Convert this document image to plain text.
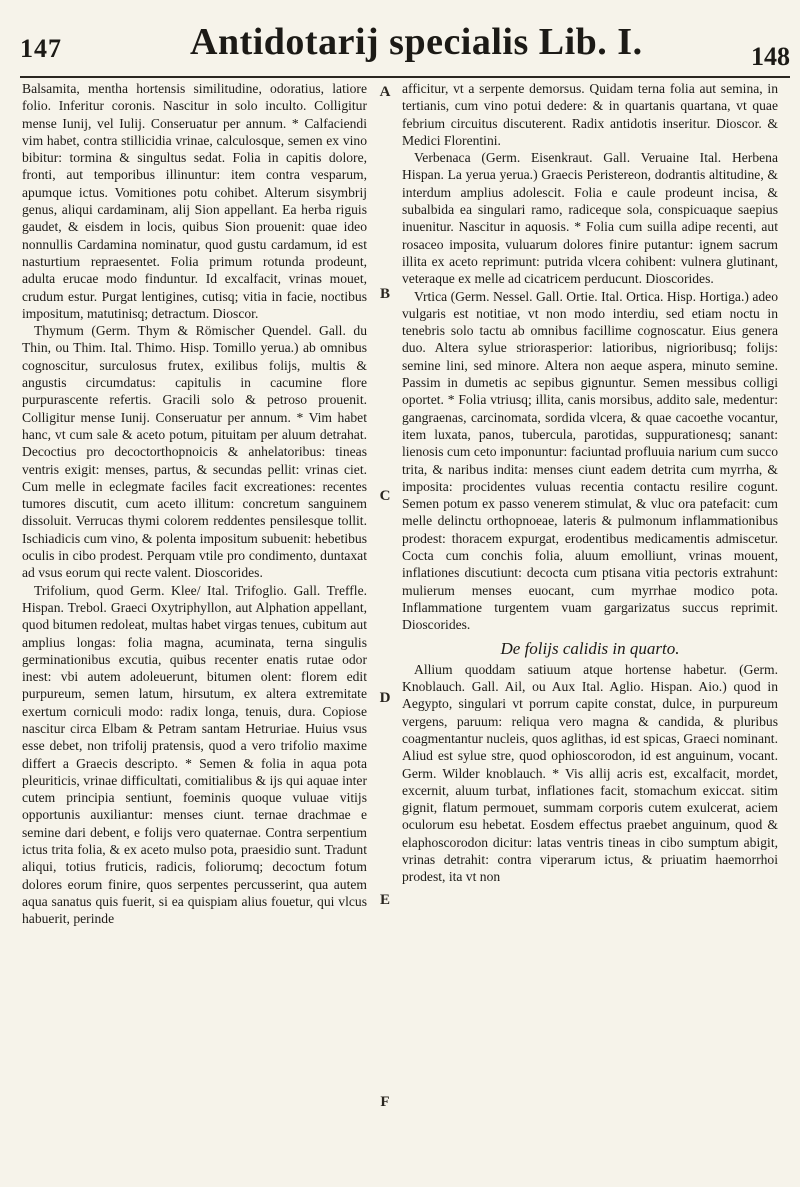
147	Antidotarij specialis Lib. I.	148

Balsamita, mentha hortensis similitudine, odoratius, latiore folio. Inferitur coronis. Nascitur in solo inculto. Colligitur mense Iunij, vel Iulij. Conseruatur per annum. * Calfaciendi vim habet, contra stillicidia vrinae, calculosque, semen ex vino bibitur: tormina & singultus sedat. Folia in capitis dolore, fronti, aut temporibus illinuntur: item contra vesparum, apumque ictus. Vomitiones potu cohibet. Alterum sisymbrij genus, aliqui cardaminam, alij Sion appellant. Ea herba riguis gaudet, & eisdem in locis, quibus Sion prouenit: quae ideo nonnullis Cardamina nominatur, quod gustu cardamum, id est nasturtium repraesentet. Folia primum rotunda prodeunt, adulta erucae modo finduntur. Id excalfacit, vrinas mouet, crudum estur. Purgat lentigines, cutisq; vitia in facie, noctibus impositum, matutinisq; detractum. Dioscor.

Thymum (Germ. Thym & Römischer Quendel. Gall. du Thin, ou Thim. Ital. Thimo. Hisp. Tomillo yerua.) ab omnibus cognoscitur, surculosus frutex, exilibus folijs, multis & angustis circumdatus: capitulis in cacumine flore purpurascente refertis. Gracili solo & petroso prouenit. Colligitur mense Iunij. Conseruatur per annum. * Vim habet hanc, vt cum sale & aceto potum, pituitam per aluum detrahat. Decoctius pro decoctorthopnoicis & anhelatoribus: tineas ventris exigit: menses, partus, & secundas pellit: vrinas ciet. Cum melle in eclegmate faciles facit excreationes: recentes tumores discutit, cum aceto illitum: concretum sanguinem dissoluit. Verrucas thymi colorem reddentes pensilesque tollit. Ischiadicis cum vino, & polenta impositum subuenit: hebetibus oculis in cibo prodest. Perquam vtile pro condimento, duntaxat ad vsus eorum qui recte valent. Dioscorides.

Trifolium, quod Germ. Klee/ Ital. Trifoglio. Gall. Treffle. Hispan. Trebol. Graeci Oxytriphyllon, aut Alphation appellant, quod bitumen redoleat, multas habet virgas tenues, cubitum aut amplius longas: folia magna, acuminata, terna singulis germinationibus excutia, quibus recenter enatis rutae odor inest: vbi autem adoleuerunt, bitumen olent: florem edit purpureum, semen latum, hirsutum, ex altera extremitate exertum corniculi modo: radix longa, tenuis, dura. Copiose nascitur circa Elbam & Petram santam Hetruriae. Huius vsus esse debet, non trifolij pratensis, quod a vero trifolio maxime differt a Graecis descripto. * Semen & folia in aqua pota pleuriticis, vrinae difficultati, comitialibus & ijs qui aquae inter cutem principia sentiunt, foeminis quoque vuluae vitijs opportunis auxiliantur: menses ciunt. ternae drachmae e semine dari debent, e folijs vero quaternae. Contra serpentium ictus trita folia, & ex aceto mulso pota, praesidio sunt. Tradunt aliqui, totius fruticis, radicis, foliorumq; decoctum fotum dolores eorum finire, quos serpentes percusserint, qua autem aqua sanatus quis fuerit, si ea quispiam alius fouetur, qui vlcus habuerit, perinde

A
B
C
D
E
F

afficitur, vt a serpente demorsus. Quidam terna folia aut semina, in tertianis, cum vino potui dedere: & in quartanis quartana, vt quae febrium circuitus discuterent. Radix antidotis inseritur. Dioscor. & Medici Florentini.

Verbenaca (Germ. Eisenkraut. Gall. Veruaine Ital. Herbena Hispan. La yerua yerua.) Graecis Peristereon, dodrantis altitudine, & interdum amplius adolescit. Folia e caule prodeunt incisa, & subalbida ea singulari ramo, radiceque sola, conspicuaque saepius inuenitur. Nascitur in aquosis. * Folia cum suilla adipe recenti, aut rosaceo imposita, vuluarum dolores finire putantur: ignem sacrum illita ex aceto reprimunt: putrida vlcera cohibent: vulnera glutinant, veteraque ex melle ad cicatricem perducunt. Dioscorides.

Vrtica (Germ. Nessel. Gall. Ortie. Ital. Ortica. Hisp. Hortiga.) adeo vulgaris est notitiae, vt non modo interdiu, sed etiam noctu in tenebris solo tactu ab omnibus facillime cognoscatur. Eius genera duo. Altera sylue striorasperior: latioribus, nigrioribusq; folijs: semine lini, sed minore. Altera non aeque aspera, minuto semine. Passim in dumetis ac sepibus gignuntur. Semen messibus colligi oportet. * Folia vtriusq; illita, canis morsibus, addito sale, medentur: gangraenas, carcinomata, sordida vlcera, & quae cacoethe vocantur, item luxata, panos, tubercula, parotidas, suppurationesq; sanant: lienosis cum ceto imponuntur: faciuntad profluuia narium cum succo trita, & naribus indita: menses ciunt eadem detrita cum myrrha, & imposita: procidentes vuluas recentia contactu resilire cogunt. Semen potum ex passo venerem stimulat, & vluc ora patefacit: cum melle delinctu orthopnoeae, lateris & pulmonum inflammationibus prodest: thoracem expurgat, erodentibus medicamentis admiscetur. Cocta cum conchis folia, aluum emolliunt, vrinas mouent, inflationes discutiunt: decocta cum ptisana vitia pectoris extrahunt: mulierum menses euocant, cum myrrhae modico pota. Inflammatione turgentem vuam gargarizatus succus reprimit. Dioscorides.

De folijs calidis in quarto.

Allium quoddam satiuum atque hortense habetur. (Germ. Knoblauch. Gall. Ail, ou Aux Ital. Aglio. Hispan. Aio.) quod in Aegypto, singulari vt porrum capite constat, dulce, in purpureum vergens, paruum: reliqua vero magna & candida, & pluribus coagmentantur nucleis, quos aglithas, id est spicas, Graeci nominant. Aliud est sylue stre, quod ophioscorodon, id est anguinum, vocant. Germ. Wilder knoblauch. * Vis allij acris est, excalfacit, mordet, excernit, aluum turbat, inflationes facit, stomachum exiccat. sitim gignit, flatum permouet, summam corporis cutem exulcerat, aciem oculorum esu hebetat. Eosdem effectus praebet anguinum, quod & elaphoscorodon dicitur: latas ventris tineas in cibo sumptum abigit, vrinas detrahit: contra viperarum ictus, & priuatim haemorrhoi prodest, ita vt non
